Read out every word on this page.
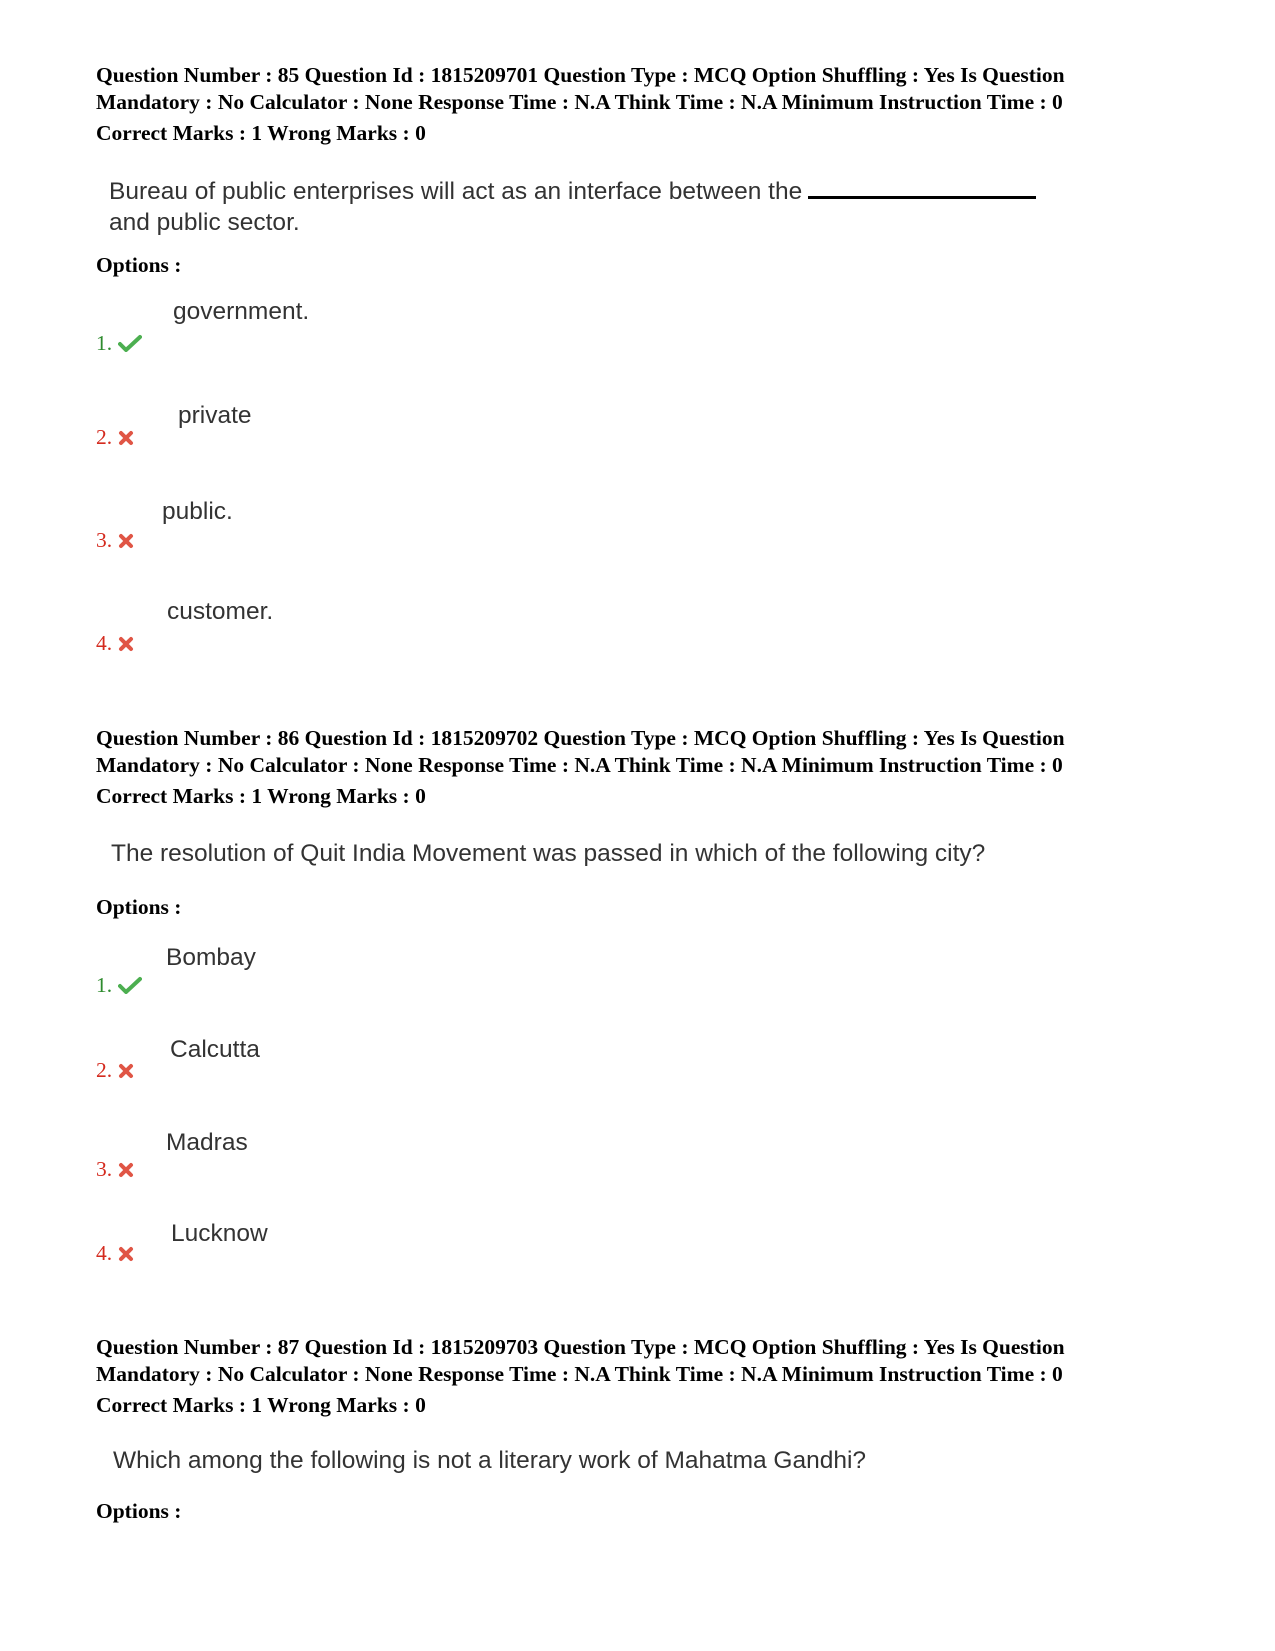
Question Number : 85 Question Id : 1815209701 Question Type : MCQ Option Shuffling : Yes Is Question
Mandatory : No Calculator : None Response Time : N.A Think Time : N.A Minimum Instruction Time : 0
Correct Marks : 1 Wrong Marks : 0
Bureau of public enterprises will act as an interface between the
and public sector.
Options :
government.
1.
private
2.
public.
3.
customer.
4.
Question Number : 86 Question Id : 1815209702 Question Type : MCQ Option Shuffling : Yes Is Question
Mandatory : No Calculator : None Response Time : N.A Think Time : N.A Minimum Instruction Time : 0
Correct Marks : 1 Wrong Marks : 0
The resolution of Quit India Movement was passed in which of the following city?
Options :
Bombay
1.
Calcutta
2.
Madras
3.
Lucknow
4.
Question Number : 87 Question Id : 1815209703 Question Type : MCQ Option Shuffling : Yes Is Question
Mandatory : No Calculator : None Response Time : N.A Think Time : N.A Minimum Instruction Time : 0
Correct Marks : 1 Wrong Marks : 0
Which among the following is not a literary work of Mahatma Gandhi?
Options :
